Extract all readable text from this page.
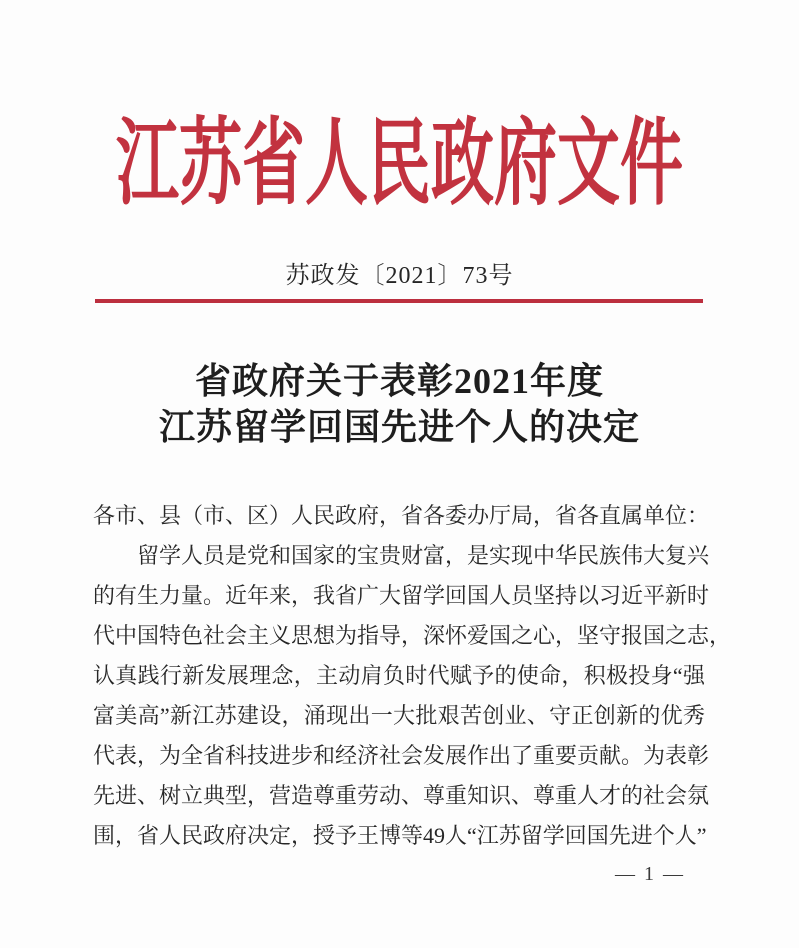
江苏省人民政府文件
苏政发〔2021〕73号
省政府关于表彰2021年度
江苏留学回国先进个人的决定
各市、县（市、区）人民政府，省各委办厅局，省各直属单位：
留学人员是党和国家的宝贵财富，是实现中华民族伟大复兴
的有生力量。近年来，我省广大留学回国人员坚持以习近平新时
代中国特色社会主义思想为指导，深怀爱国之心，坚守报国之志，
认真践行新发展理念，主动肩负时代赋予的使命，积极投身“强
富美高”新江苏建设，涌现出一大批艰苦创业、守正创新的优秀
代表，为全省科技进步和经济社会发展作出了重要贡献。为表彰
先进、树立典型，营造尊重劳动、尊重知识、尊重人才的社会氛
围，省人民政府决定，授予王博等49人“江苏留学回国先进个人”
— 1 —
